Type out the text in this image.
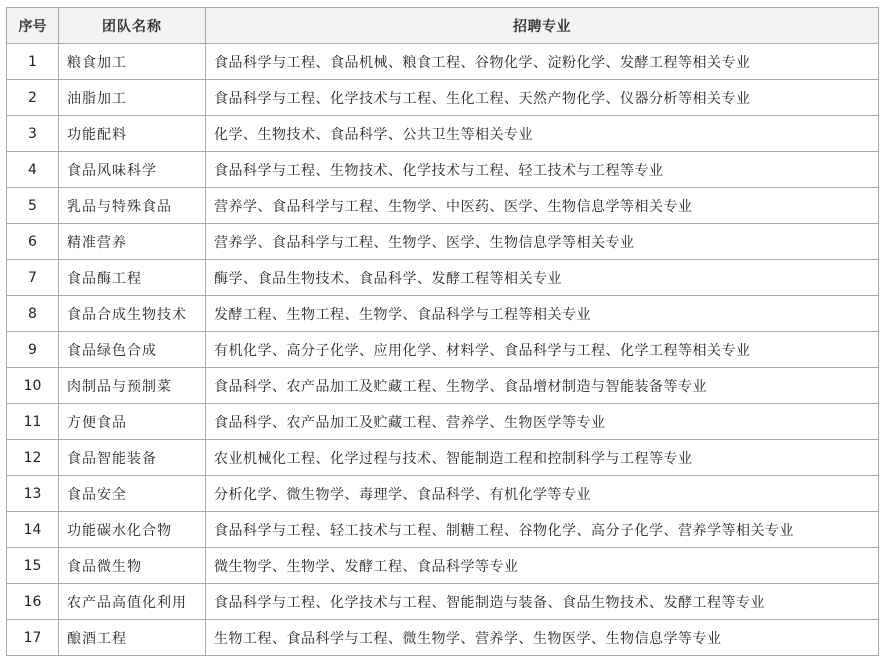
序号	团队名称	招聘专业
1	粮食加工	食品科学与工程、食品机械、粮食工程、谷物化学、淀粉化学、发酵工程等相关专业
2	油脂加工	食品科学与工程、化学技术与工程、生化工程、天然产物化学、仪器分析等相关专业
3	功能配料	化学、生物技术、食品科学、公共卫生等相关专业
4	食品风味科学	食品科学与工程、生物技术、化学技术与工程、轻工技术与工程等专业
5	乳品与特殊食品	营养学、食品科学与工程、生物学、中医药、医学、生物信息学等相关专业
6	精准营养	营养学、食品科学与工程、生物学、医学、生物信息学等相关专业
7	食品酶工程	酶学、食品生物技术、食品科学、发酵工程等相关专业
8	食品合成生物技术	发酵工程、生物工程、生物学、食品科学与工程等相关专业
9	食品绿色合成	有机化学、高分子化学、应用化学、材料学、食品科学与工程、化学工程等相关专业
10	肉制品与预制菜	食品科学、农产品加工及贮藏工程、生物学、食品增材制造与智能装备等专业
11	方便食品	食品科学、农产品加工及贮藏工程、营养学、生物医学等专业
12	食品智能装备	农业机械化工程、化学过程与技术、智能制造工程和控制科学与工程等专业
13	食品安全	分析化学、微生物学、毒理学、食品科学、有机化学等专业
14	功能碳水化合物	食品科学与工程、轻工技术与工程、制糖工程、谷物化学、高分子化学、营养学等相关专业
15	食品微生物	微生物学、生物学、发酵工程、食品科学等专业
16	农产品高值化利用	食品科学与工程、化学技术与工程、智能制造与装备、食品生物技术、发酵工程等专业
17	酿酒工程	生物工程、食品科学与工程、微生物学、营养学、生物医学、生物信息学等专业
